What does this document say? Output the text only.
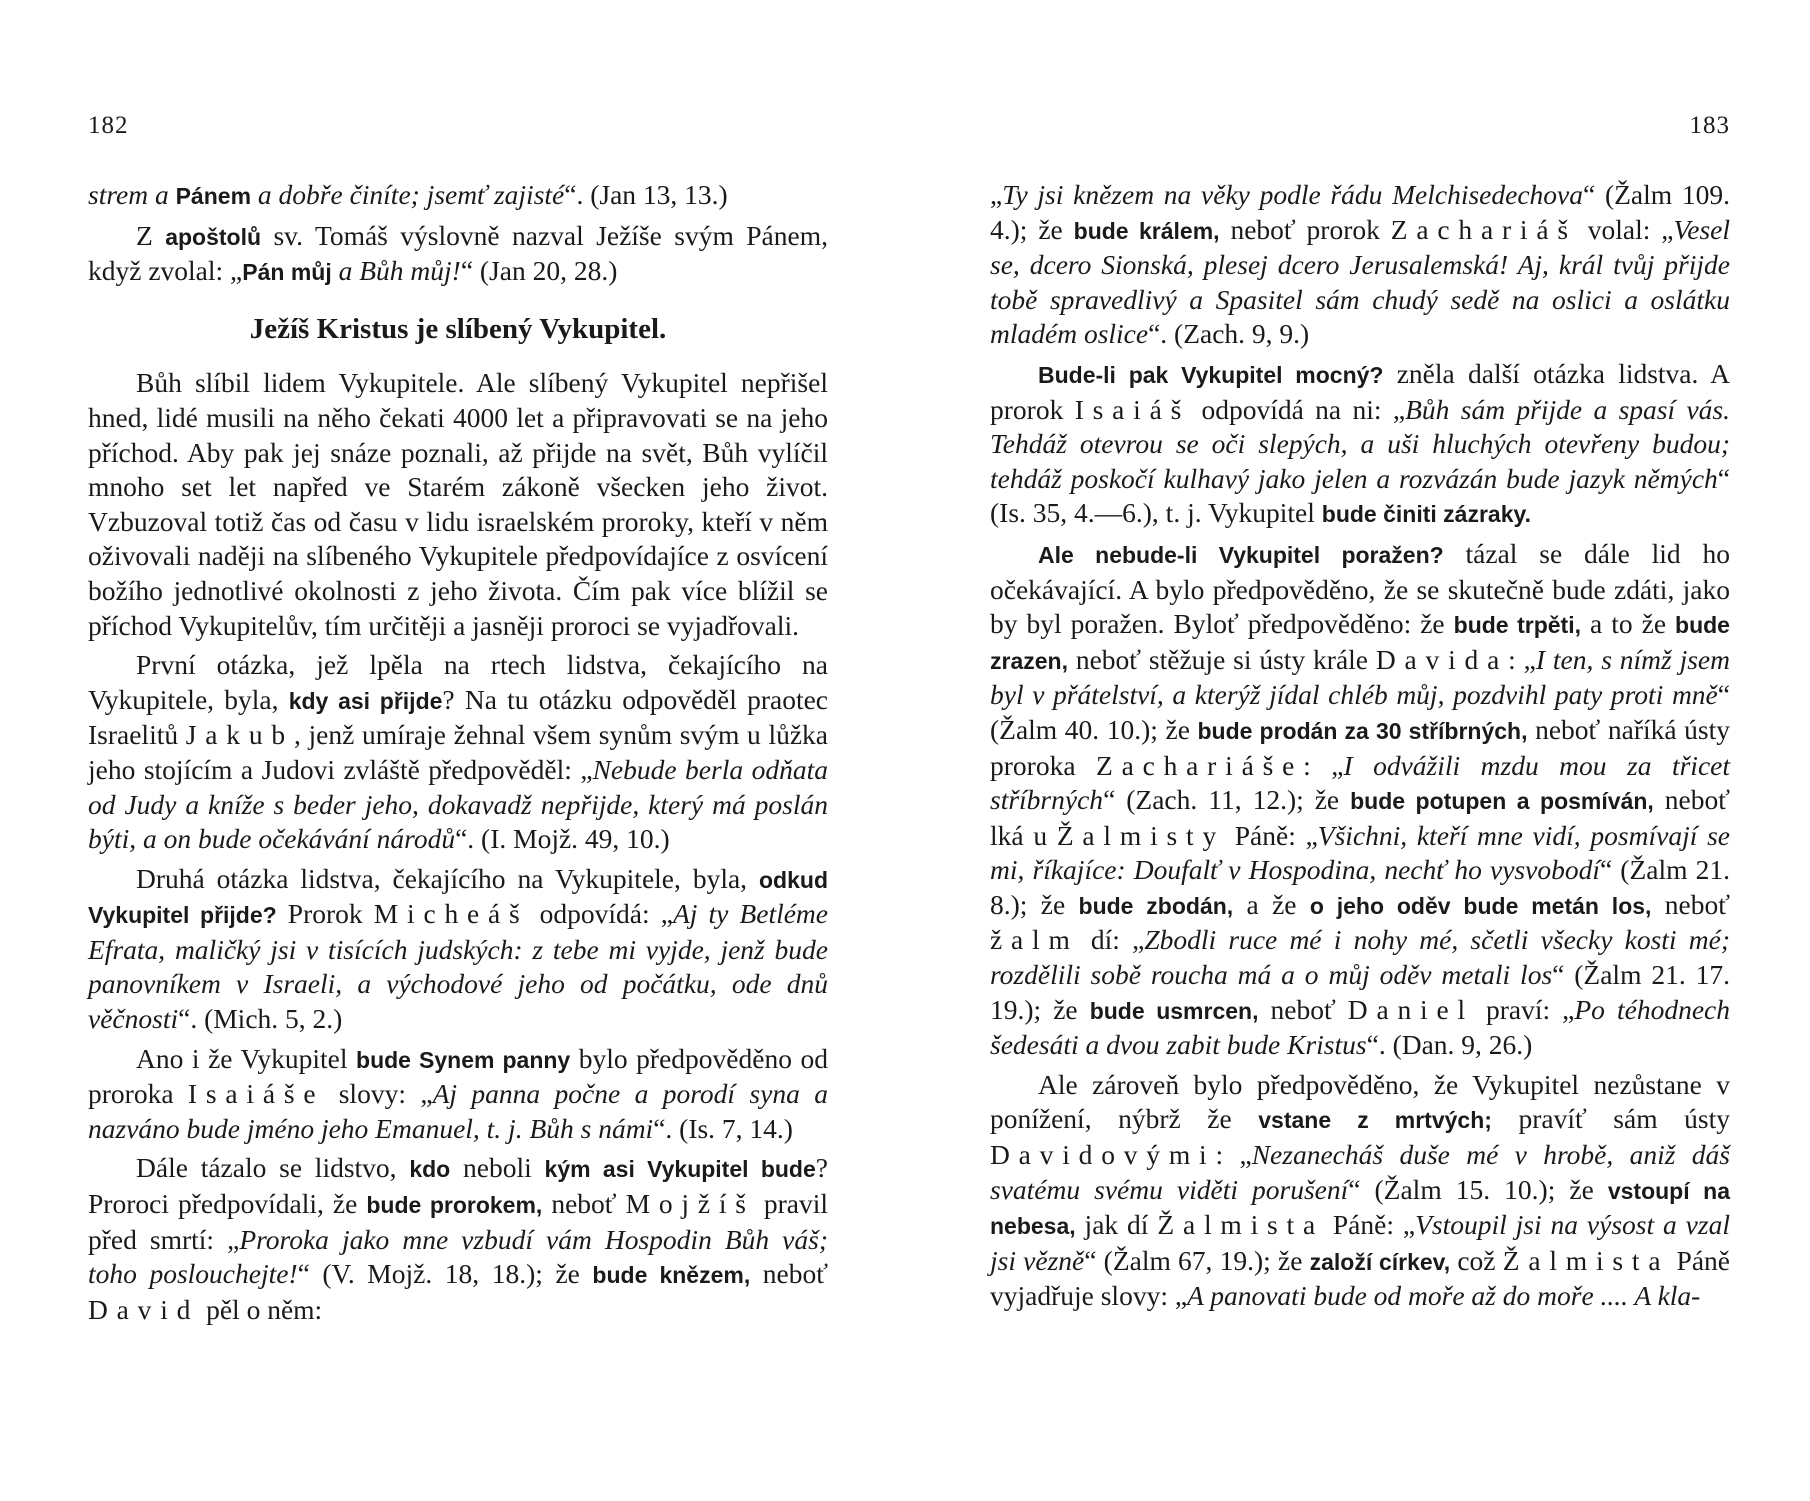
182

strem a Pánem a dobře činíte; jsemť zajisté“. (Jan 13, 13.)

Z apoštolů sv. Tomáš výslovně nazval Ježíše svým Pánem, když zvolal: „Pán můj a Bůh můj!“ (Jan 20, 28.)

Ježíš Kristus je slíbený Vykupitel.

Bůh slíbil lidem Vykupitele. Ale slíbený Vykupitel nepřišel hned, lidé musili na něho čekati 4000 let a připravovati se na jeho příchod. Aby pak jej snáze poznali, až přijde na svět, Bůh vylíčil mnoho set let napřed ve Starém zákoně všecken jeho život. Vzbuzoval totiž čas od času v lidu israelském proroky, kteří v něm oživovali naději na slíbeného Vykupitele předpovídajíce z osvícení božího jednotlivé okolnosti z jeho života. Čím pak více blížil se příchod Vykupitelův, tím určitěji a jasněji proroci se vyjadřovali.

První otázka, jež lpěla na rtech lidstva, čekajícího na Vykupitele, byla, kdy asi přijde? Na tu otázku odpověděl praotec Israelitů Jakub, jenž umíraje žehnal všem synům svým u lůžka jeho stojícím a Judovi zvláště předpověděl: „Nebude berla odňata od Judy a kníže s beder jeho, dokavadž nepřijde, který má poslán býti, a on bude očekávání národů“. (I. Mojž. 49, 10.)

Druhá otázka lidstva, čekajícího na Vykupitele, byla, odkud Vykupitel přijde? Prorok Micheáš odpovídá: „Aj ty Betléme Efrata, maličký jsi v tisících judských: z tebe mi vyjde, jenž bude panovníkem v Israeli, a východové jeho od počátku, ode dnů věčnosti“. (Mich. 5, 2.)

Ano i že Vykupitel bude Synem panny bylo předpověděno od proroka Isaiáše slovy: „Aj panna počne a porodí syna a nazváno bude jméno jeho Emanuel, t. j. Bůh s námi“. (Is. 7, 14.)

Dále tázalo se lidstvo, kdo neboli kým asi Vykupitel bude? Proroci předpovídali, že bude prorokem, neboť Mojžíš pravil před smrtí: „Proroka jako mne vzbudí vám Hospodin Bůh váš; toho poslouchejte!“ (V. Mojž. 18, 18.); že bude knězem, neboť David pěl o něm:

183

„Ty jsi knězem na věky podle řádu Melchisedechova“ (Žalm 109. 4.); že bude králem, neboť prorok Zachariáš volal: „Vesel se, dcero Sionská, plesej dcero Jerusalemská! Aj, král tvůj přijde tobě spravedlivý a Spasitel sám chudý sedě na oslici a oslátku mladém oslice“. (Zach. 9, 9.)

Bude-li pak Vykupitel mocný? zněla další otázka lidstva. A prorok Isaiáš odpovídá na ni: „Bůh sám přijde a spasí vás. Tehdáž otevrou se oči slepých, a uši hluchých otevřeny budou; tehdáž poskočí kulhavý jako jelen a rozvázán bude jazyk němých“ (Is. 35, 4.—6.), t. j. Vykupitel bude činiti zázraky.

Ale nebude-li Vykupitel poražen? tázal se dále lid ho očekávající. A bylo předpověděno, že se skutečně bude zdáti, jako by byl poražen. Byloť předpověděno: že bude trpěti, a to že bude zrazen, neboť stěžuje si ústy krále Davida: „I ten, s nímž jsem byl v přátelství, a kterýž jídal chléb můj, pozdvihl paty proti mně“ (Žalm 40. 10.); že bude prodán za 30 stříbrných, neboť naříká ústy proroka Zachariáše: „I odvážili mzdu mou za třicet stříbrných“ (Zach. 11, 12.); že bude potupen a posmíván, neboť lká u Žalmisty Páně: „Všichni, kteří mne vidí, posmívají se mi, říkajíce: Doufalť v Hospodina, nechť ho vysvobodí“ (Žalm 21. 8.); že bude zbodán, a že o jeho oděv bude metán los, neboť žalm dí: „Zbodli ruce mé i nohy mé, sčetli všecky kosti mé; rozdělili sobě roucha má a o můj oděv metali los“ (Žalm 21. 17. 19.); že bude usmrcen, neboť Daniel praví: „Po téhodnech šedesáti a dvou zabit bude Kristus“. (Dan. 9, 26.)

Ale zároveň bylo předpověděno, že Vykupitel nezůstane v ponížení, nýbrž že vstane z mrtvých; pravíť sám ústy Davidovými: „Nezanecháš duše mé v hrobě, aniž dáš svatému svému viděti porušení“ (Žalm 15. 10.); že vstoupí na nebesa, jak dí Žalmista Páně: „Vstoupil jsi na výsost a vzal jsi vězně“ (Žalm 67, 19.); že založí církev, což Žalmista Páně vyjadřuje slovy: „A panovati bude od moře až do moře .... A kla-
